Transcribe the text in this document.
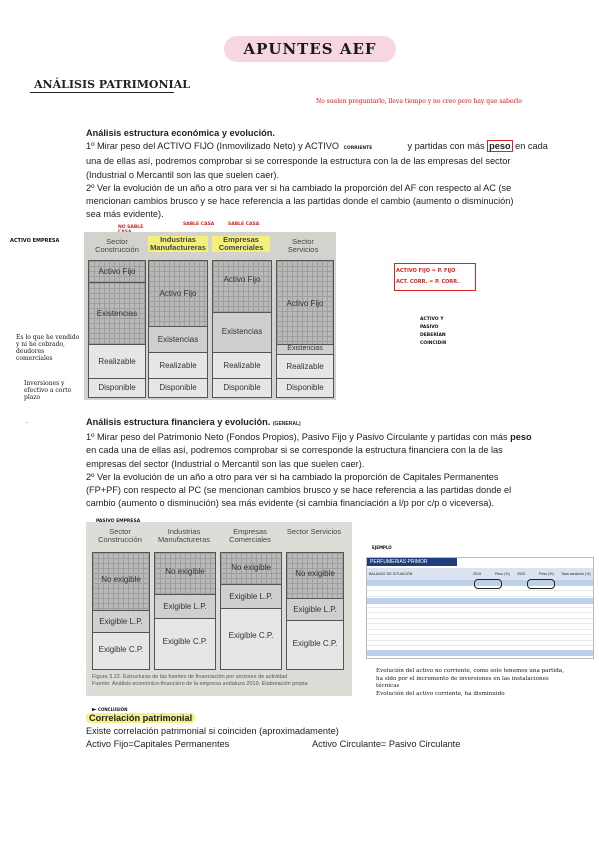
APUNTES AEF
ANÁLISIS PATRIMONIAL
No suelen preguntarlo, lleva tiempo y no creo pero hay que saberlo
Análisis estructura económica y evolución.
1º Mirar peso del ACTIVO FIJO (Inmovilizado Neto) y ACTIVO CORRIENTE	y partidas con más peso en cada
una de ellas así, podremos comprobar si se corresponde la estructura con la de las empresas del sector
(Industrial o Mercantil son las que suelen caer).
2º Ver la evolución de un año a otro para ver si ha cambiado la proporción del AF con respecto al AC (se
mencionan cambios brusco y se hace referencia a las partidas donde el cambio (aumento o disminución)
sea más evidente).
ACTIVO EMPRESA
NO SABLE
SABLE CASA	SABLE CASA
Sector Construcción
Industrias Manufactureras
Empresas Comerciales
Sector Servicios
Activo Fijo
Existencias
Realizable
Disponible
Activo Fijo
Existencias
Realizable
Disponible
Activo Fijo
Existencias
Realizable
Disponible
Activo Fijo
Existencias
Realizable
Disponible
Es lo que he vendido y ni he cobrado, deudores comerciales
Inversiones y efectivo a corto plazo
.
ACTIVO FIJO = P. FIJO
ACT. CORR. = P. CORR.
ACTIVO Y PASIVO DEBERÍAN COINCIDIR
Análisis estructura financiera y evolución. (GENERAL)
1º Mirar peso del Patrimonio Neto (Fondos Propios), Pasivo Fijo y Pasivo Circulante y partidas con más peso
en cada una de ellas así, podremos comprobar si se corresponde la estructura financiera con la de las
empresas del sector (Industrial o Mercantil son las que suelen caer).
2º Ver la evolución de un año a otro para ver si ha cambiado la proporción de Capitales Permanentes
(FP+PF) con respecto al PC (se mencionan cambios brusco y se hace referencia a las partidas donde el
cambio (aumento o disminución) sea más evidente (si cambia financiación a l/p por c/p o viceversa).
Sector Construcción
Industrias Manufactureras
Empresas Comerciales
Sector Servicios
No exigible
Exigible L.P.
Exigible C.P.
No exigible
Exigible L.P.
Exigible C.P.
No exigible
Exigible L.P.
Exigible C.P.
No exigible
Exigible L.P.
Exigible C.P.
Figura 3.22. Estructuras de las fuentes de financiación por sectores de actividad
Fuente: Análisis económico-financiero de la empresa andaluza 2019. Elaboración propia
EJEMPLO
PERFUMERIAS PRIMOR
BALANCE DE SITUACIÓN	2019	Peso (%)	2020	Peso (%)	Tasa variación (%)
Evolución del activo no corriente, como solo tenemos una partida, ha sido por el incremento de inversiones en las instalaciones técnicas
Evolución del activo corriente, ha disminuido
► CONCLUSIÓN
Correlación patrimonial
Existe correlación patrimonial si coinciden (aproximadamente)
Activo Fijo=Capitales Permanentes	Activo Circulante= Pasivo Circulante
